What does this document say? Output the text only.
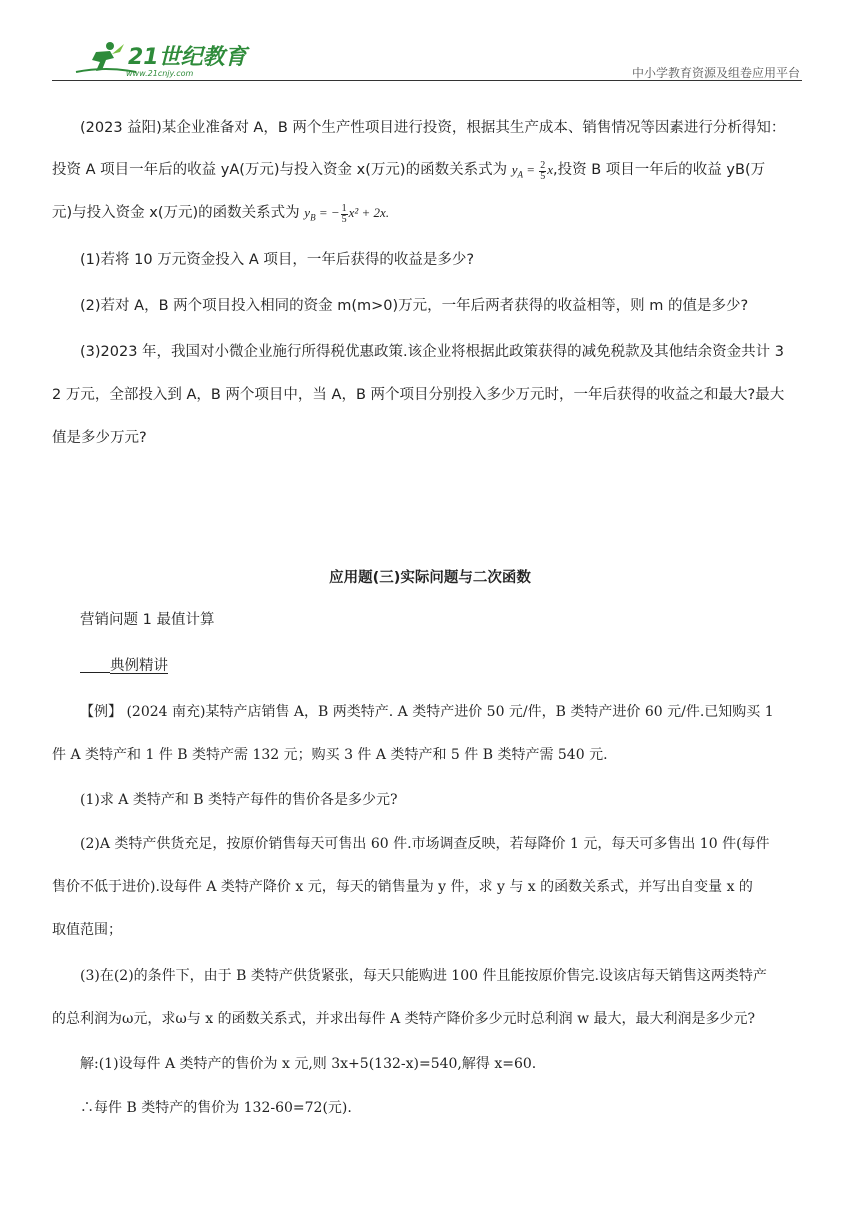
21世纪教育
www.21cnjy.com	中小学教育资源及组卷应用平台
(2023 益阳)某企业准备对 A，B 两个生产性项目进行投资，根据其生产成本、销售情况等因素进行分析得知：
投资 A 项目一年后的收益 yA(万元)与投入资金 x(万元)的函数关系式为 $y_A = \frac{2}{5} x$,投资 B 项目一年后的收益 yB(万
元)与投入资金 x(万元)的函数关系式为 $y_B$ = − $\frac{1}{5} x^2 + 2x$.
(1)若将 10 万元资金投入 A 项目，一年后获得的收益是多少?
(2)若对 A，B 两个项目投入相同的资金 m(m>0)万元，一年后两者获得的收益相等，则 m 的值是多少?
(3)2023 年，我国对小微企业施行所得税优惠政策.该企业将根据此政策获得的减免税款及其他结余资金共计 3
2 万元，全部投入到 A，B 两个项目中，当 A，B 两个项目分别投入多少万元时，一年后获得的收益之和最大?最大
值是多少万元?
应用题(三)实际问题与二次函数
营销问题 1 最值计算
典例精讲
【例】 (2024 南充)某特产店销售 A，B 两类特产. A 类特产进价 50 元/件，B 类特产进价 60 元/件.已知购买 1
件 A 类特产和 1 件 B 类特产需 132 元；购买 3 件 A 类特产和 5 件 B 类特产需 540 元.
(1)求 A 类特产和 B 类特产每件的售价各是多少元?
(2)A 类特产供货充足，按原价销售每天可售出 60 件.市场调查反映，若每降价 1 元，每天可多售出 10 件(每件
售价不低于进价).设每件 A 类特产降价 x 元，每天的销售量为 y 件，求 y 与 x 的函数关系式，并写出自变量 x 的
取值范围；
(3)在(2)的条件下，由于 B 类特产供货紧张，每天只能购进 100 件且能按原价售完.设该店每天销售这两类特产
的总利润为ω元，求ω与 x 的函数关系式，并求出每件 A 类特产降价多少元时总利润 w 最大，最大利润是多少元?
解:(1)设每件 A 类特产的售价为 x 元,则 3x+5(132-x)=540,解得 x=60.
∴每件 B 类特产的售价为 132-60=72(元).
